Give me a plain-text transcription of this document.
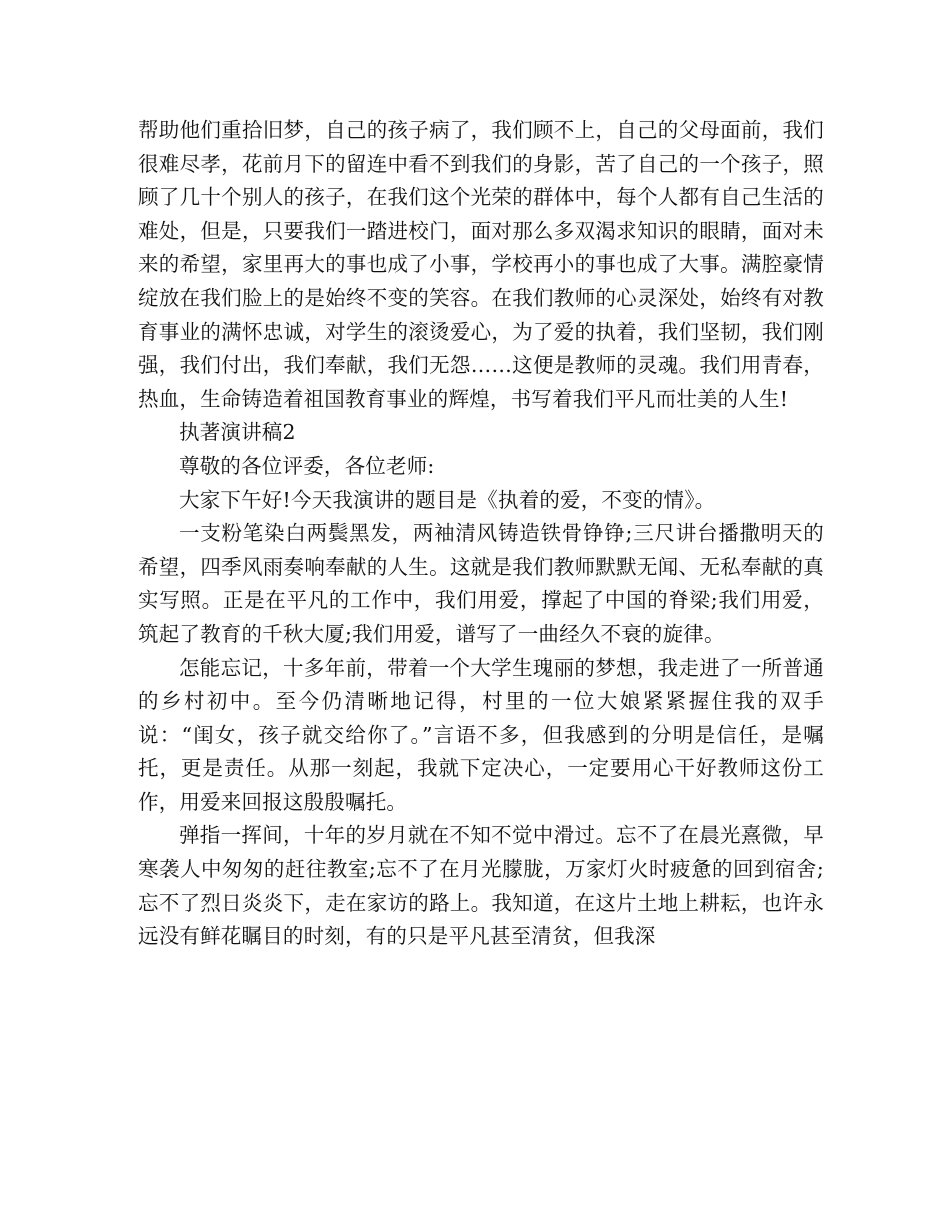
帮助他们重拾旧梦，自己的孩子病了，我们顾不上，自己的父母面前，我们很难尽孝，花前月下的留连中看不到我们的身影，苦了自己的一个孩子，照顾了几十个别人的孩子，在我们这个光荣的群体中，每个人都有自己生活的难处，但是，只要我们一踏进校门，面对那么多双渴求知识的眼睛，面对未来的希望，家里再大的事也成了小事，学校再小的事也成了大事。满腔豪情绽放在我们脸上的是始终不变的笑容。在我们教师的心灵深处，始终有对教育事业的满怀忠诚，对学生的滚烫爱心，为了爱的执着，我们坚韧，我们刚强，我们付出，我们奉献，我们无怨……这便是教师的灵魂。我们用青春，热血，生命铸造着祖国教育事业的辉煌，书写着我们平凡而壮美的人生!

执著演讲稿2

尊敬的各位评委，各位老师:

大家下午好!今天我演讲的题目是《执着的爱，不变的情》。

一支粉笔染白两鬓黑发，两袖清风铸造铁骨铮铮;三尺讲台播撒明天的希望，四季风雨奏响奉献的人生。这就是我们教师默默无闻、无私奉献的真实写照。正是在平凡的工作中，我们用爱，撑起了中国的脊梁;我们用爱，筑起了教育的千秋大厦;我们用爱，谱写了一曲经久不衰的旋律。

怎能忘记，十多年前，带着一个大学生瑰丽的梦想，我走进了一所普通的乡村初中。至今仍清晰地记得，村里的一位大娘紧紧握住我的双手说：“闺女，孩子就交给你了。”言语不多，但我感到的分明是信任，是嘱托，更是责任。从那一刻起，我就下定决心，一定要用心干好教师这份工作，用爱来回报这殷殷嘱托。

弹指一挥间，十年的岁月就在不知不觉中滑过。忘不了在晨光熹微，早寒袭人中匆匆的赶往教室;忘不了在月光朦胧，万家灯火时疲惫的回到宿舍;忘不了烈日炎炎下，走在家访的路上。我知道，在这片土地上耕耘，也许永远没有鲜花瞩目的时刻，有的只是平凡甚至清贫，但我深
